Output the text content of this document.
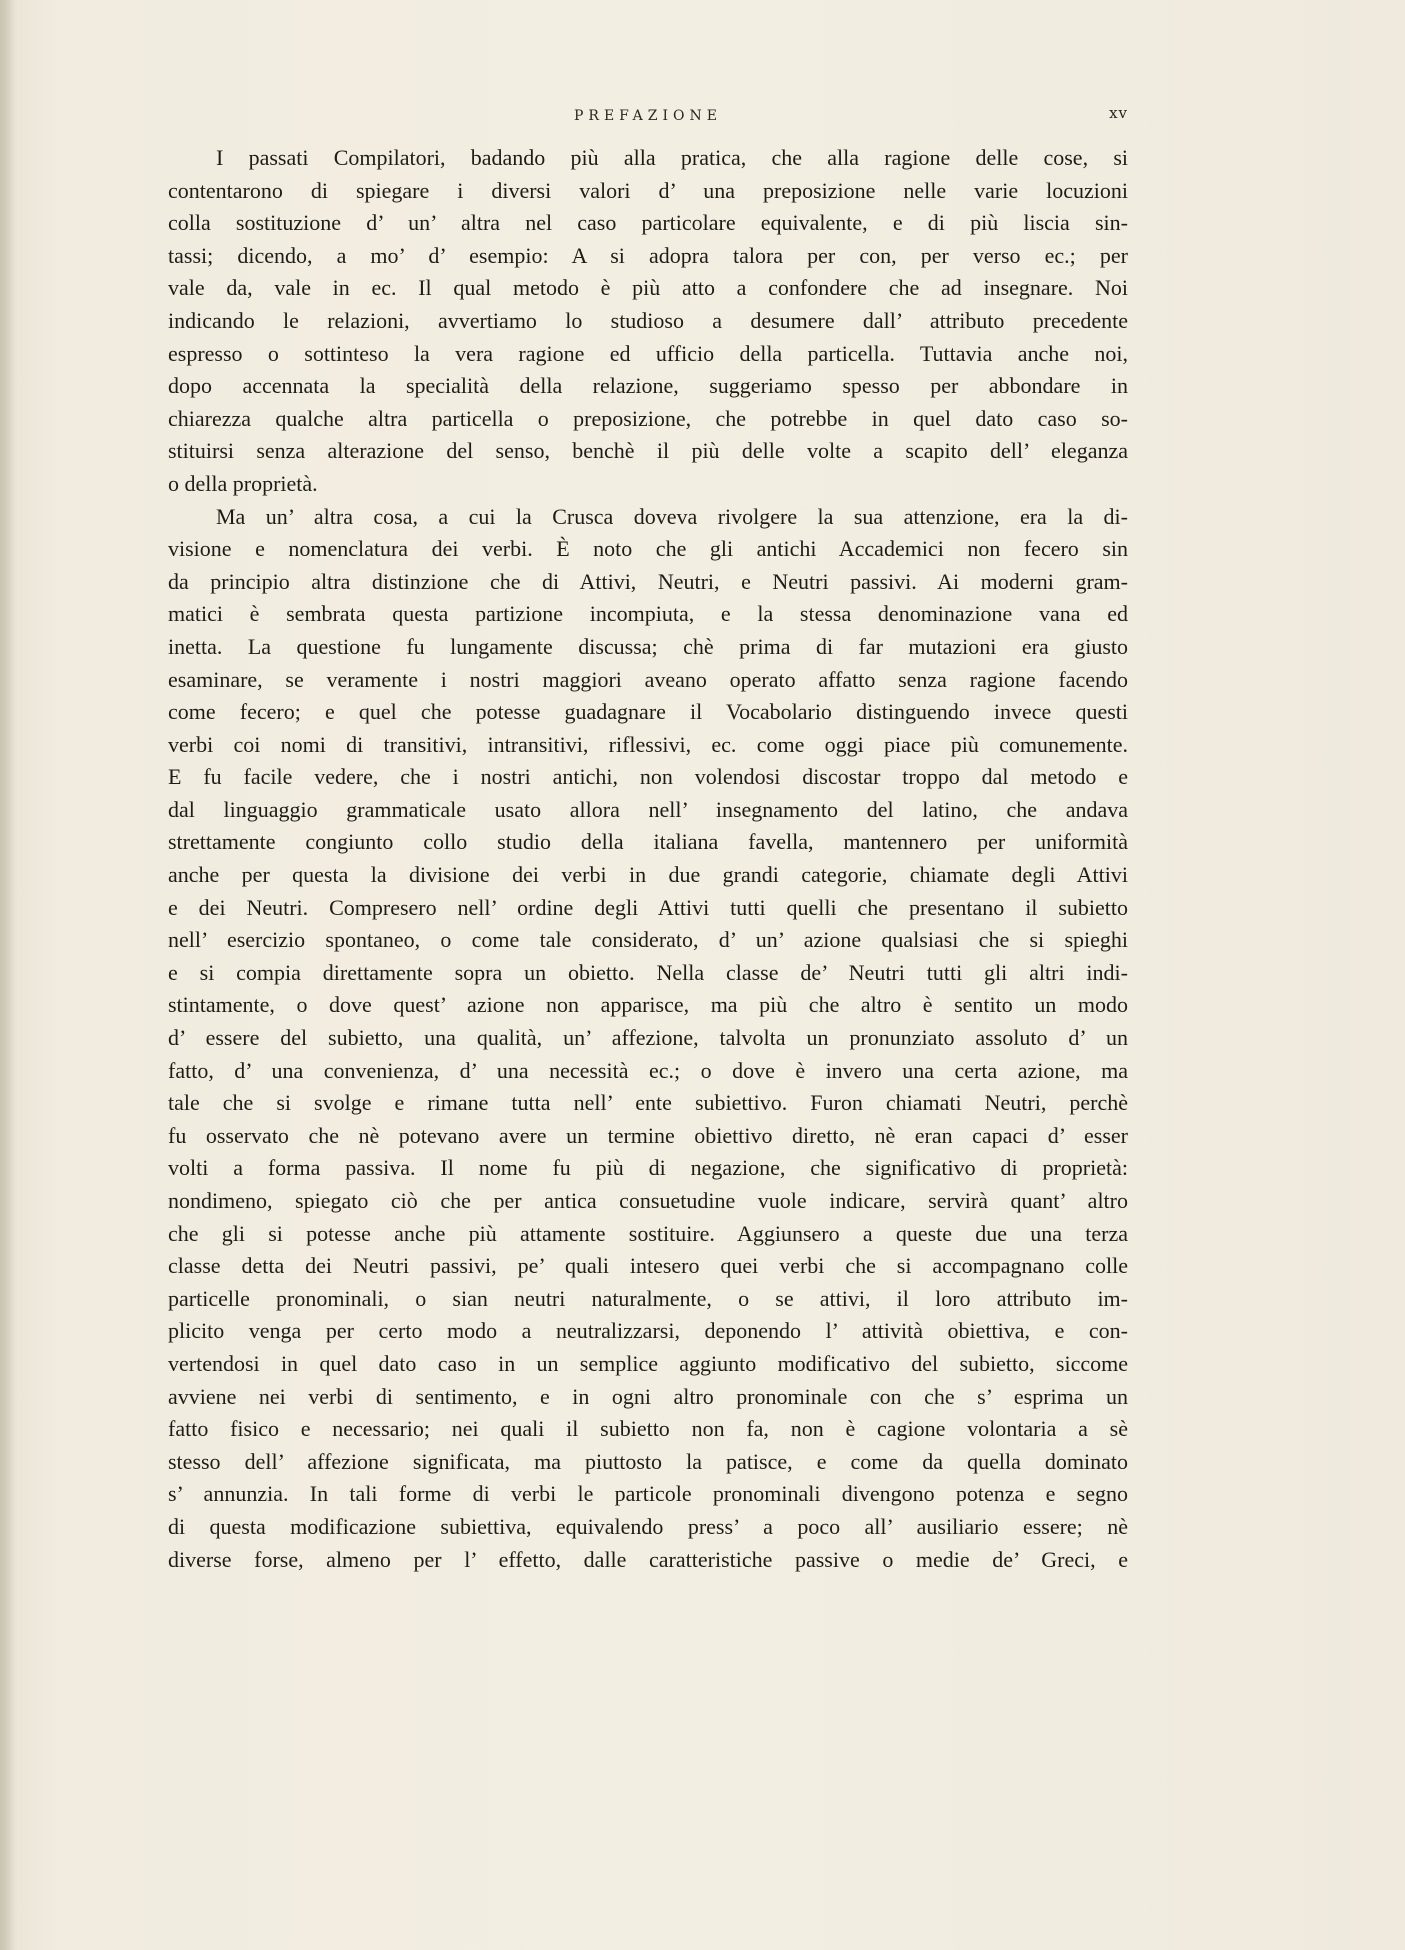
PREFAZIONE	xv
I passati Compilatori, badando più alla pratica, che alla ragione delle cose, si
contentarono di spiegare i diversi valori d’ una preposizione nelle varie locuzioni
colla sostituzione d’ un’ altra nel caso particolare equivalente, e di più liscia sin-
tassi; dicendo, a mo’ d’ esempio: A si adopra talora per con, per verso ec.; per
vale da, vale in ec. Il qual metodo è più atto a confondere che ad insegnare. Noi
indicando le relazioni, avvertiamo lo studioso a desumere dall’ attributo precedente
espresso o sottinteso la vera ragione ed ufficio della particella. Tuttavia anche noi,
dopo accennata la specialità della relazione, suggeriamo spesso per abbondare in
chiarezza qualche altra particella o preposizione, che potrebbe in quel dato caso so-
stituirsi senza alterazione del senso, benchè il più delle volte a scapito dell’ eleganza
o della proprietà.
Ma un’ altra cosa, a cui la Crusca doveva rivolgere la sua attenzione, era la di-
visione e nomenclatura dei verbi. È noto che gli antichi Accademici non fecero sin
da principio altra distinzione che di Attivi, Neutri, e Neutri passivi. Ai moderni gram-
matici è sembrata questa partizione incompiuta, e la stessa denominazione vana ed
inetta. La questione fu lungamente discussa; chè prima di far mutazioni era giusto
esaminare, se veramente i nostri maggiori aveano operato affatto senza ragione facendo
come fecero; e quel che potesse guadagnare il Vocabolario distinguendo invece questi
verbi coi nomi di transitivi, intransitivi, riflessivi, ec. come oggi piace più comunemente.
E fu facile vedere, che i nostri antichi, non volendosi discostar troppo dal metodo e
dal linguaggio grammaticale usato allora nell’ insegnamento del latino, che andava
strettamente congiunto collo studio della italiana favella, mantennero per uniformità
anche per questa la divisione dei verbi in due grandi categorie, chiamate degli Attivi
e dei Neutri. Compresero nell’ ordine degli Attivi tutti quelli che presentano il subietto
nell’ esercizio spontaneo, o come tale considerato, d’ un’ azione qualsiasi che si spieghi
e si compia direttamente sopra un obietto. Nella classe de’ Neutri tutti gli altri indi-
stintamente, o dove quest’ azione non apparisce, ma più che altro è sentito un modo
d’ essere del subietto, una qualità, un’ affezione, talvolta un pronunziato assoluto d’ un
fatto, d’ una convenienza, d’ una necessità ec.; o dove è invero una certa azione, ma
tale che si svolge e rimane tutta nell’ ente subiettivo. Furon chiamati Neutri, perchè
fu osservato che nè potevano avere un termine obiettivo diretto, nè eran capaci d’ esser
volti a forma passiva. Il nome fu più di negazione, che significativo di proprietà:
nondimeno, spiegato ciò che per antica consuetudine vuole indicare, servirà quant’ altro
che gli si potesse anche più attamente sostituire. Aggiunsero a queste due una terza
classe detta dei Neutri passivi, pe’ quali intesero quei verbi che si accompagnano colle
particelle pronominali, o sian neutri naturalmente, o se attivi, il loro attributo im-
plicito venga per certo modo a neutralizzarsi, deponendo l’ attività obiettiva, e con-
vertendosi in quel dato caso in un semplice aggiunto modificativo del subietto, siccome
avviene nei verbi di sentimento, e in ogni altro pronominale con che s’ esprima un
fatto fisico e necessario; nei quali il subietto non fa, non è cagione volontaria a sè
stesso dell’ affezione significata, ma piuttosto la patisce, e come da quella dominato
s’ annunzia. In tali forme di verbi le particole pronominali divengono potenza e segno
di questa modificazione subiettiva, equivalendo press’ a poco all’ ausiliario essere; nè
diverse forse, almeno per l’ effetto, dalle caratteristiche passive o medie de’ Greci, e
